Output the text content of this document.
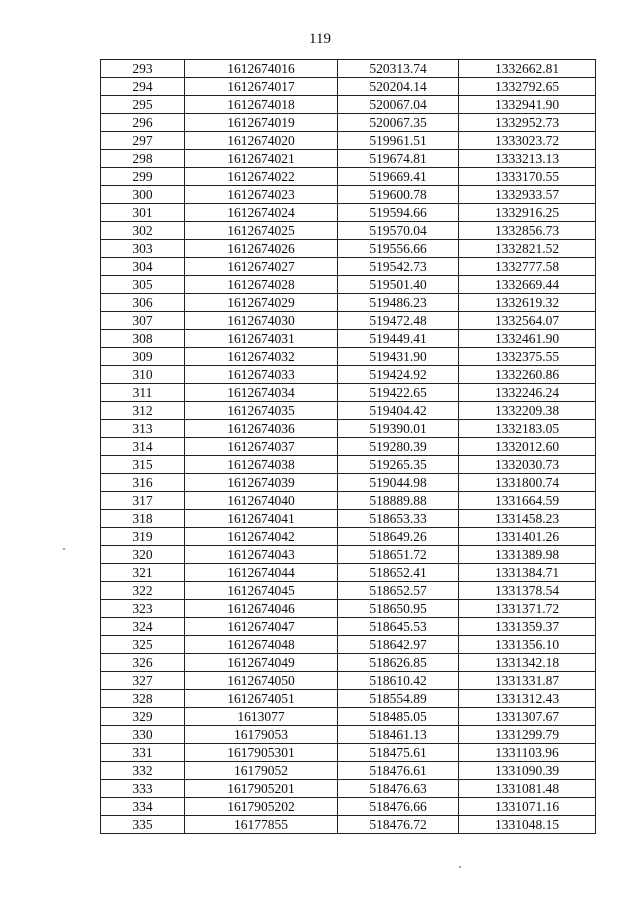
119
293	1612674016	520313.74	1332662.81
294	1612674017	520204.14	1332792.65
295	1612674018	520067.04	1332941.90
296	1612674019	520067.35	1332952.73
297	1612674020	519961.51	1333023.72
298	1612674021	519674.81	1333213.13
299	1612674022	519669.41	1333170.55
300	1612674023	519600.78	1332933.57
301	1612674024	519594.66	1332916.25
302	1612674025	519570.04	1332856.73
303	1612674026	519556.66	1332821.52
304	1612674027	519542.73	1332777.58
305	1612674028	519501.40	1332669.44
306	1612674029	519486.23	1332619.32
307	1612674030	519472.48	1332564.07
308	1612674031	519449.41	1332461.90
309	1612674032	519431.90	1332375.55
310	1612674033	519424.92	1332260.86
311	1612674034	519422.65	1332246.24
312	1612674035	519404.42	1332209.38
313	1612674036	519390.01	1332183.05
314	1612674037	519280.39	1332012.60
315	1612674038	519265.35	1332030.73
316	1612674039	519044.98	1331800.74
317	1612674040	518889.88	1331664.59
318	1612674041	518653.33	1331458.23
319	1612674042	518649.26	1331401.26
320	1612674043	518651.72	1331389.98
321	1612674044	518652.41	1331384.71
322	1612674045	518652.57	1331378.54
323	1612674046	518650.95	1331371.72
324	1612674047	518645.53	1331359.37
325	1612674048	518642.97	1331356.10
326	1612674049	518626.85	1331342.18
327	1612674050	518610.42	1331331.87
328	1612674051	518554.89	1331312.43
329	1613077	518485.05	1331307.67
330	16179053	518461.13	1331299.79
331	1617905301	518475.61	1331103.96
332	16179052	518476.61	1331090.39
333	1617905201	518476.63	1331081.48
334	1617905202	518476.66	1331071.16
335	16177855	518476.72	1331048.15
